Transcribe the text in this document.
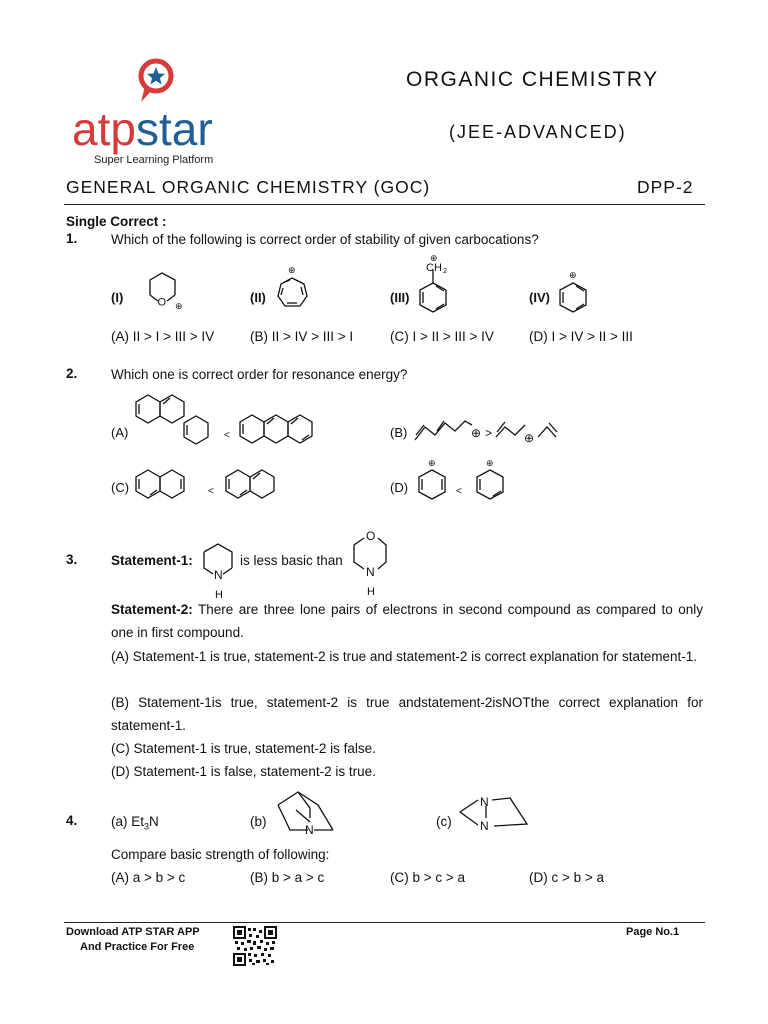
atpstar
Super Learning Platform
ORGANIC CHEMISTRY
(JEE-ADVANCED)
GENERAL ORGANIC CHEMISTRY (GOC)	DPP-2
Single Correct :
1. Which of the following is correct order of stability of given carbocations?
(I)	(II)	(III)	(IV)
O ⊕
⊕
⊕
CH 2	⊕
(A) II > I > III > IV	(B) II > IV > III > I	(C) I > II > III > IV	(D) I > IV > II > III
2. Which one is correct order for resonance energy?
(A)	(B)
(C)	(D)
<	⊕ >	⊕
<
⊕
<
⊕
3. Statement-1:
N
H
is less basic than
O
N
H
Statement-2: There are three lone pairs of electrons in second compound as compared to only one in first compound.
(A) Statement-1 is true, statement-2 is true and statement-2 is correct explanation for statement-1.
(B) Statement-1is true, statement-2 is true andstatement-2isNOTthe correct explanation for statement-1.
(C) Statement-1 is true, statement-2 is false.
(D) Statement-1 is false, statement-2 is true.
4. (a) $Et_3N$	(b)
N
(c)
N
N
Compare basic strength of following:
(A) a > b > c	(B) b > a > c	(C) b > c > a	(D) c > b > a
Download ATP STAR APP
And Practice For Free
Page No.1
